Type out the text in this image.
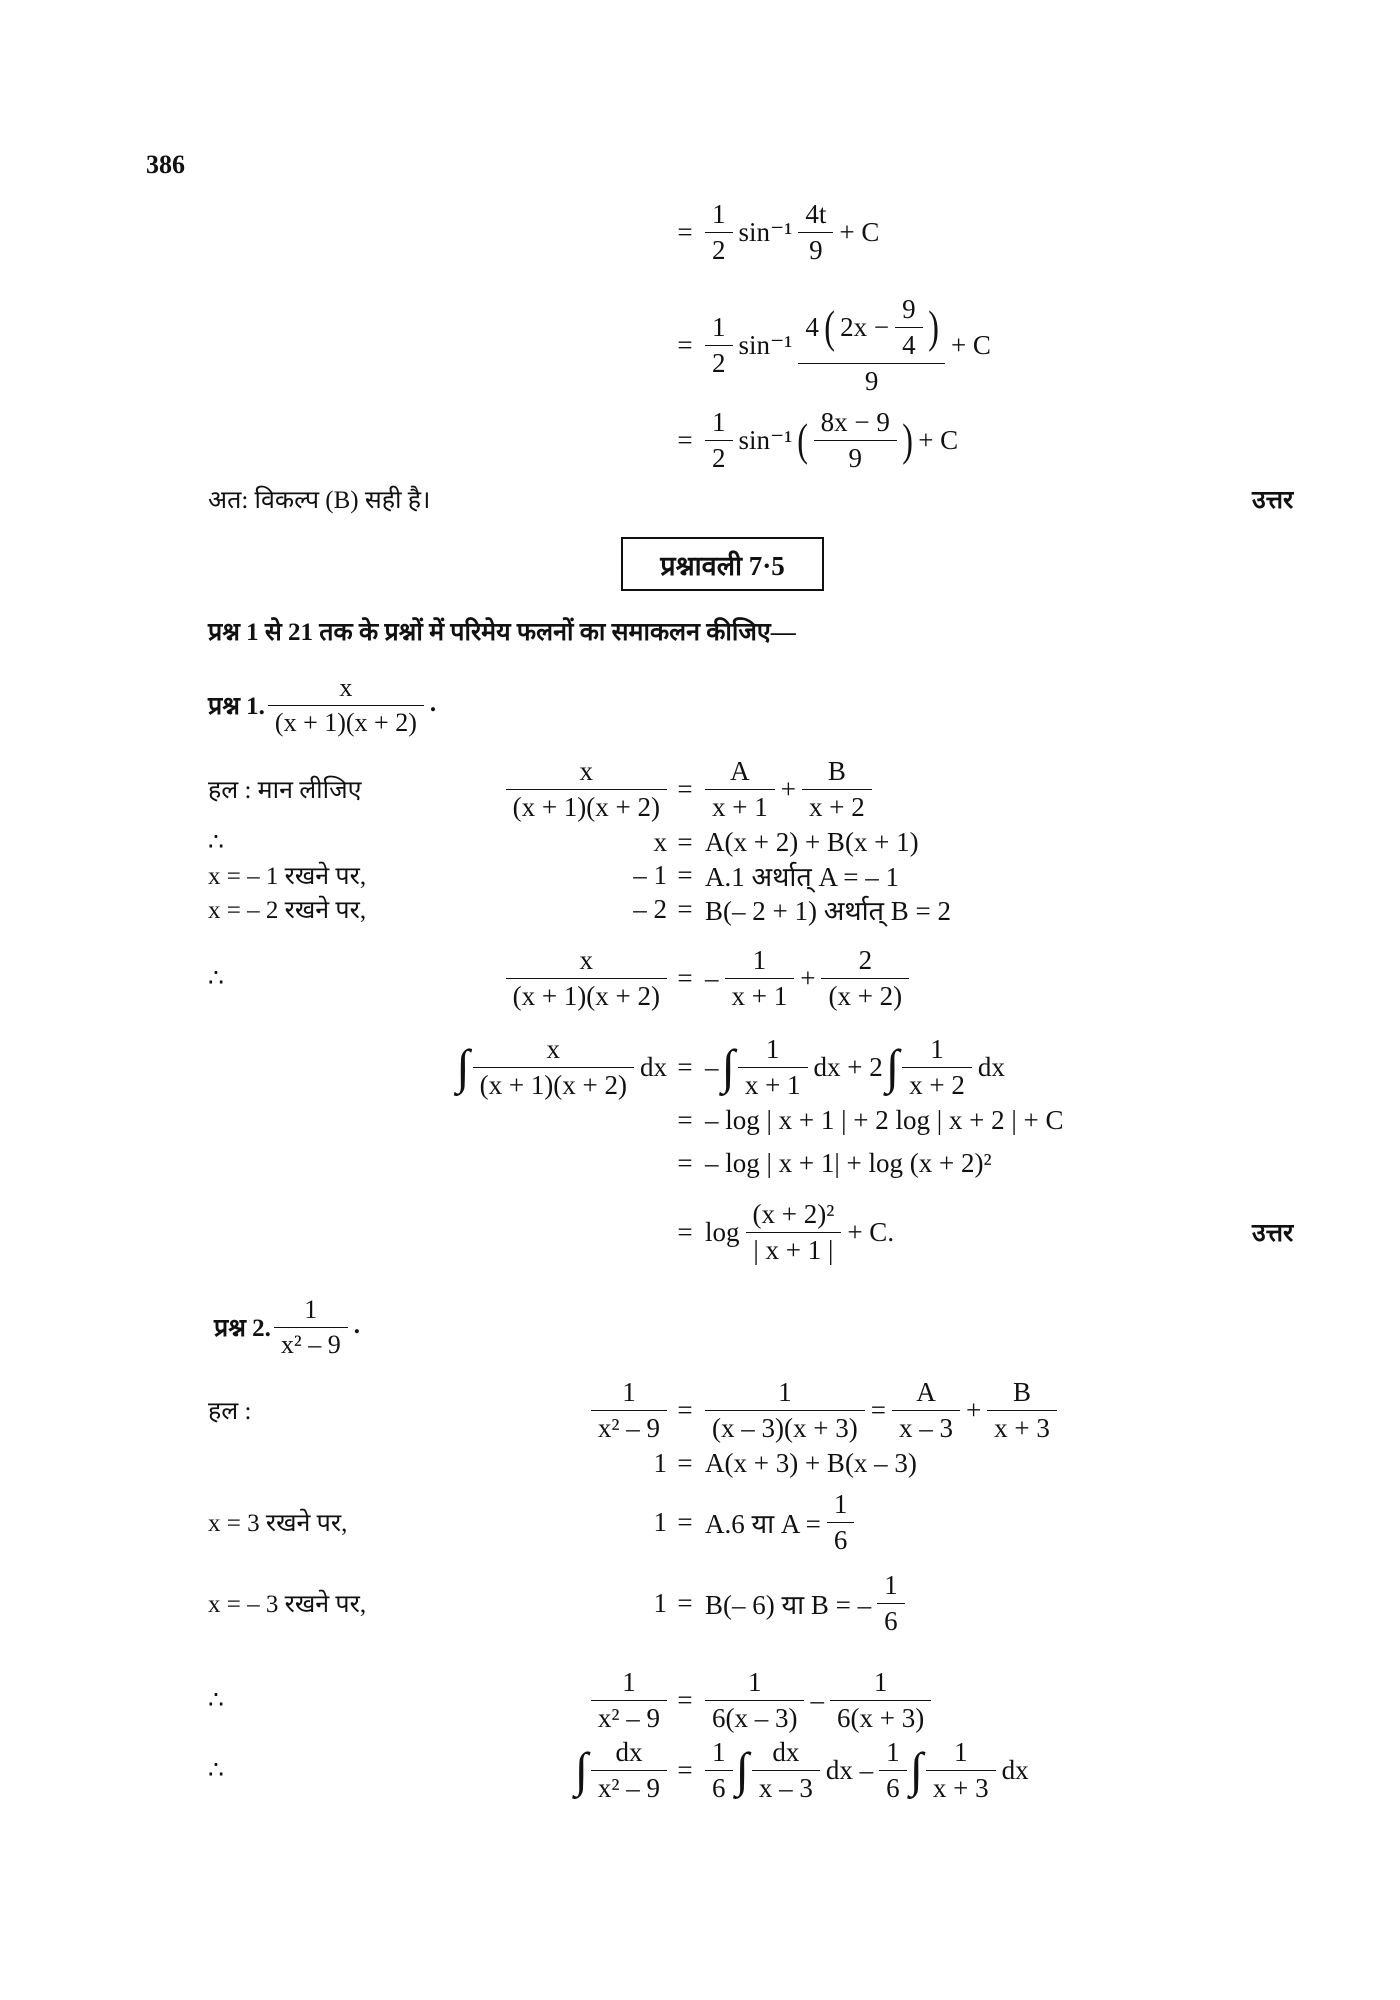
386
= $\frac{1}{2} \sin^{-1} \frac{4t}{9} + C$
= $\frac{1}{2} \sin^{-1} \frac{4 ( 2x - \frac{9}{4} )}{9} + C$
= $\frac{1}{2} \sin^{-1}$ ( $\frac{8x - 9}{9}$ ) + C
अत: विकल्प (B) सही है।	उत्तर
प्रश्नावली 7·5
प्रश्न 1 से 21 तक के प्रश्नों में परिमेय फलनों का समाकलन कीजिए—
प्रश्न 1. $\frac{x}{(x + 1)(x + 2)}$ .
हल : मान लीजिए	$\frac{x}{(x + 1)(x + 2)} = \frac{A}{x + 1} + \frac{B}{x + 2}$
∴	x = A(x + 2) + B(x + 1)
x = – 1 रखने पर,	– 1 = A.1 अर्थात् A = – 1
x = – 2 रखने पर,	– 2 = B(– 2 + 1) अर्थात् B = 2
∴	$\frac{x}{(x + 1)(x + 2)}$ = – $\frac{1}{x + 1} + \frac{2}{(x + 2)}$
∫ $\frac{x}{(x + 1)(x + 2)}$ dx = – ∫ $\frac{1}{x + 1}$ dx + 2 ∫ $\frac{1}{x + 2}$ dx
= – log | x + 1 | + 2 log | x + 2 | + C
= – log | x + 1| + log (x + 2)²
= $\log \frac{\text{(x + 2)²}}{| x + 1 |} + C$.	उत्तर
प्रश्न 2. $\frac{1}{\text{x² – 9}}$ .
हल :	$\frac{1}{\text{x² – 9}} = \frac{1}{(x - 3)(x + 3)} = \frac{A}{x - 3} + \frac{B}{x + 3}$
1 = A(x + 3) + B(x – 3)
x = 3 रखने पर,	1 = A.6 या $A = \frac{1}{6}$
x = – 3 रखने पर,	1 = B(– 6) या B = – $\frac{1}{6}$
∴	$\frac{1}{\text{x² – 9}} = \frac{1}{6(x - 3)} - \frac{1}{6(x + 3)}$
∴	∫ $\frac{dx}{\text{x² – 9}} = \frac{1}{6}$ ∫ $\frac{dx}{x - 3}$ dx – $\frac{1}{6}$ ∫ $\frac{1}{x + 3}$ dx
